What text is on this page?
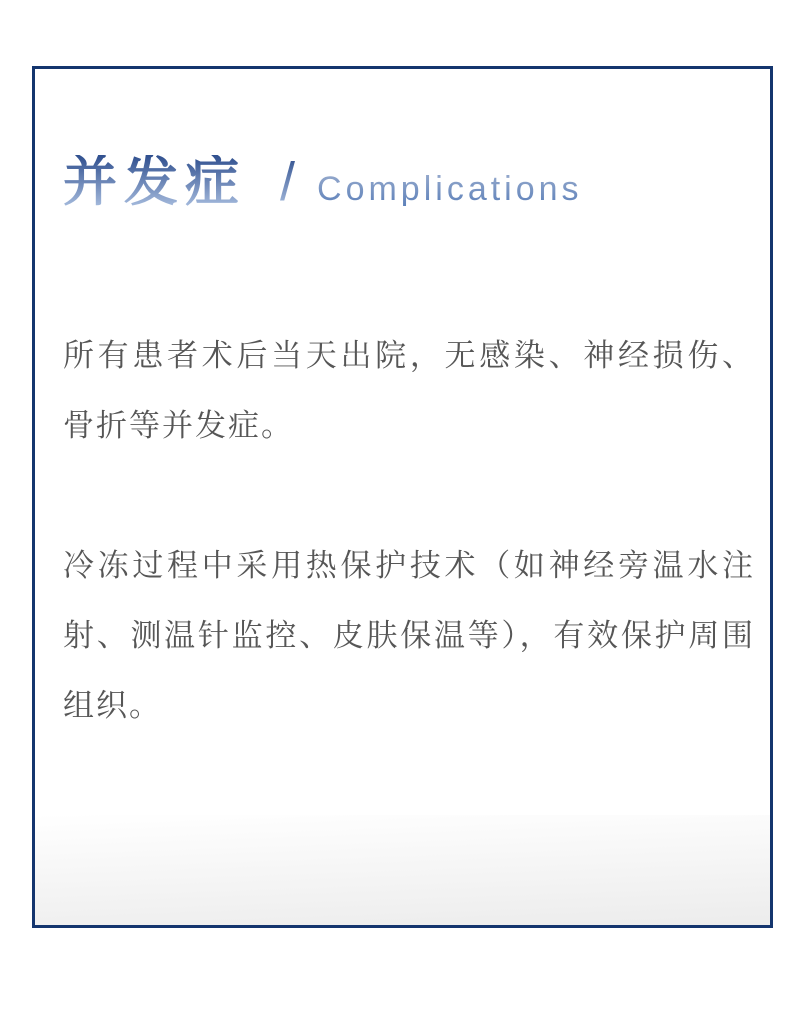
并发症 / Complications

所有患者术后当天出院，无感染、神经损伤、骨折等并发症。

冷冻过程中采用热保护技术（如神经旁温水注射、测温针监控、皮肤保温等），有效保护周围组织。
